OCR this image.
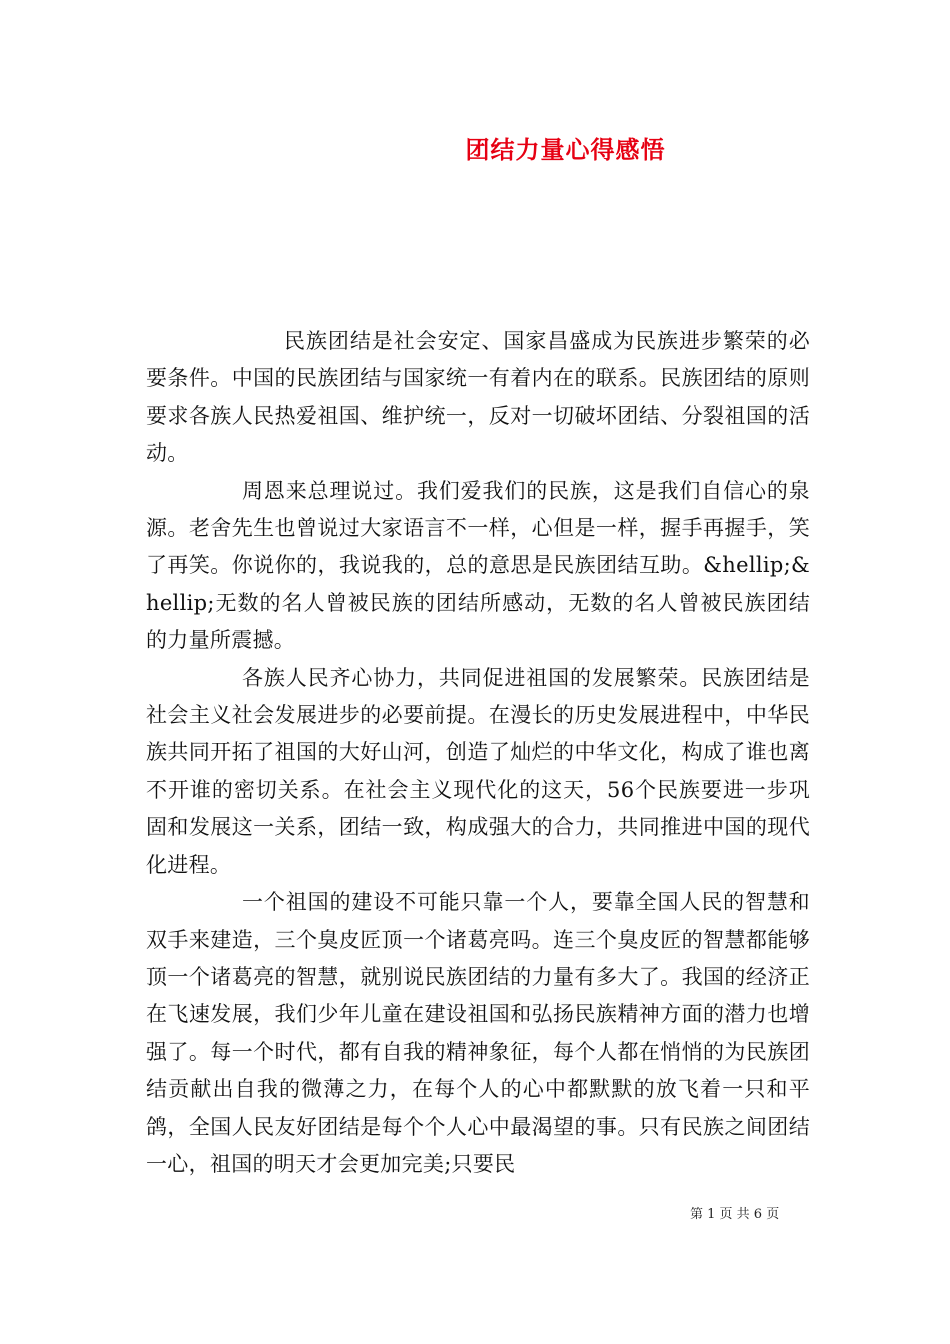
团结力量心得感悟

民族团结是社会安定、国家昌盛成为民族进步繁荣的必要条件。中国的民族团结与国家统一有着内在的联系。民族团结的原则要求各族人民热爱祖国、维护统一，反对一切破坏团结、分裂祖国的活动。

周恩来总理说过。我们爱我们的民族，这是我们自信心的泉源。老舍先生也曾说过大家语言不一样，心但是一样，握手再握手，笑了再笑。你说你的，我说我的，总的意思是民族团结互助。&hellip;&hellip;无数的名人曾被民族的团结所感动，无数的名人曾被民族团结的力量所震撼。

各族人民齐心协力，共同促进祖国的发展繁荣。民族团结是社会主义社会发展进步的必要前提。在漫长的历史发展进程中，中华民族共同开拓了祖国的大好山河，创造了灿烂的中华文化，构成了谁也离不开谁的密切关系。在社会主义现代化的这天，56个民族要进一步巩固和发展这一关系，团结一致，构成强大的合力，共同推进中国的现代化进程。

一个祖国的建设不可能只靠一个人，要靠全国人民的智慧和双手来建造，三个臭皮匠顶一个诸葛亮吗。连三个臭皮匠的智慧都能够顶一个诸葛亮的智慧，就别说民族团结的力量有多大了。我国的经济正在飞速发展，我们少年儿童在建设祖国和弘扬民族精神方面的潜力也增强了。每一个时代，都有自我的精神象征，每个人都在悄悄的为民族团结贡献出自我的微薄之力，在每个人的心中都默默的放飞着一只和平鸽，全国人民友好团结是每个个人心中最渴望的事。只有民族之间团结一心，祖国的明天才会更加完美;只要民

第 1 页 共 6 页
